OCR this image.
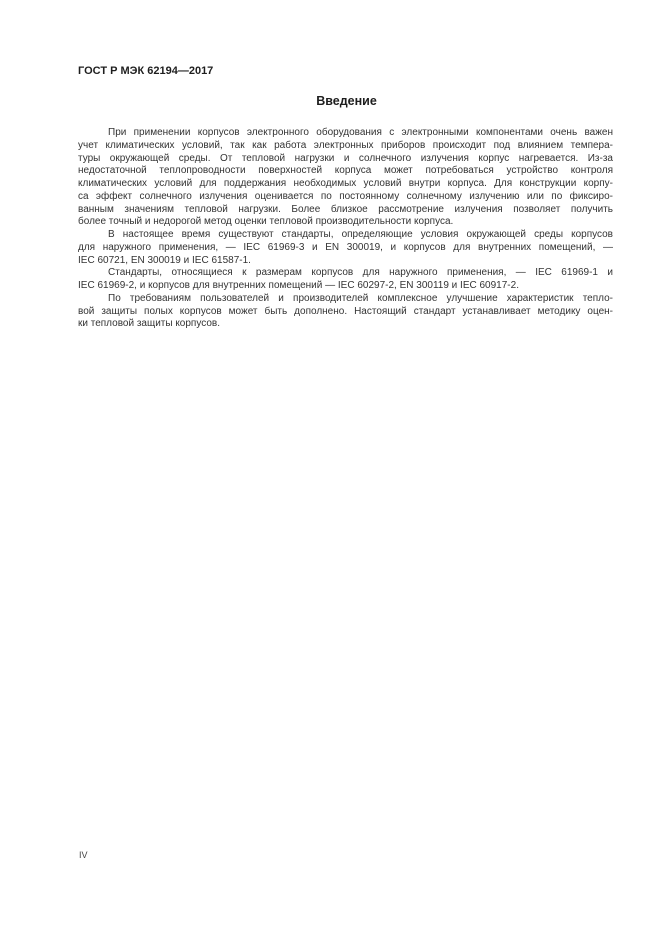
ГОСТ Р МЭК 62194—2017
Введение
При применении корпусов электронного оборудования с электронными компонентами очень важен
учет климатических условий, так как работа электронных приборов происходит под влиянием темпера-
туры окружающей среды. От тепловой нагрузки и солнечного излучения корпус нагревается. Из-за
недостаточной теплопроводности поверхностей корпуса может потребоваться устройство контроля
климатических условий для поддержания необходимых условий внутри корпуса. Для конструкции корпу-
са эффект солнечного излучения оценивается по постоянному солнечному излучению или по фиксиро-
ванным значениям тепловой нагрузки. Более близкое рассмотрение излучения позволяет получить
более точный и недорогой метод оценки тепловой производительности корпуса.
В настоящее время существуют стандарты, определяющие условия окружающей среды корпусов
для наружного применения, — IEC 61969-3 и EN 300019, и корпусов для внутренних помещений, —
IEC 60721, EN 300019 и IEC 61587-1.
Стандарты, относящиеся к размерам корпусов для наружного применения, — IEC 61969-1 и
IEC 61969-2, и корпусов для внутренних помещений — IEC 60297-2, EN 300119 и IEC 60917-2.
По требованиям пользователей и производителей комплексное улучшение характеристик тепло-
вой защиты полых корпусов может быть дополнено. Настоящий стандарт устанавливает методику оцен-
ки тепловой защиты корпусов.
IV
